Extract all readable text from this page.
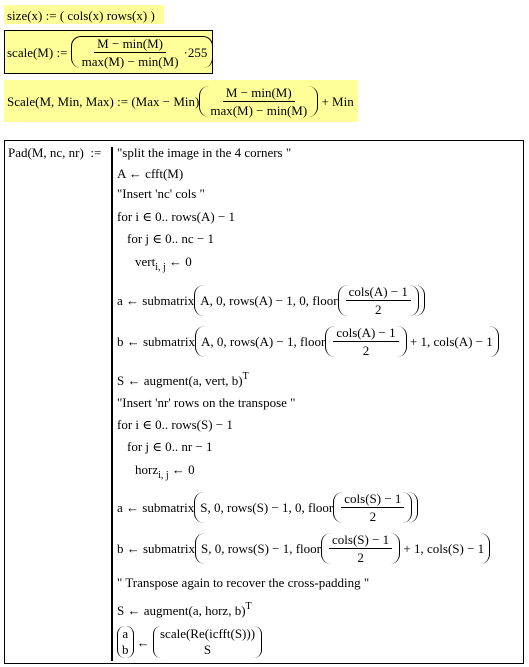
size(x) := ( cols(x) rows(x) )
scale(M)
:=
$\frac{M - \min(M)}{\max(M) - \min(M)} \cdot 255$
Scale(M, Min, Max)
:=
$(Max - Min) \frac{M - \min(M)}{\max(M) - \min(M)}$
+ Min
Pad(M, nc, nr) := "split the image in the 4 corners "
A ← cfft(M)
"Insert 'nc' cols "
for i ∈ 0.. rows(A) − 1
for j ∈ 0.. nc − 1
vert$_{i, j}$ ← 0
a ← submatrix A, 0, rows(A) − 1, 0, floor $\frac{\text{cols(A) − 1}}{2}$
b ← submatrix A, 0, rows(A) − 1, floor $\frac{\text{cols(A) − 1}}{2}$
+ 1, cols(A) − 1
S ← augment(a, vert, b)$^T$
"Insert 'nr' rows on the transpose "
for i ∈ 0.. rows(S) − 1
for j ∈ 0.. nr − 1
horz$_{i, j}$ ← 0
a ← submatrix S, 0, rows(S) − 1, 0, floor $\frac{\text{cols(S) − 1}}{2}$
b ← submatrix S, 0, rows(S) − 1, floor $\frac{\text{cols(S) − 1}}{2}$
+ 1, cols(S) − 1
" Transpose again to recover the cross-padding "
S ← augment(a, horz, b)$^T$
a
b
←

scale(Re(icfft(S)))
S
